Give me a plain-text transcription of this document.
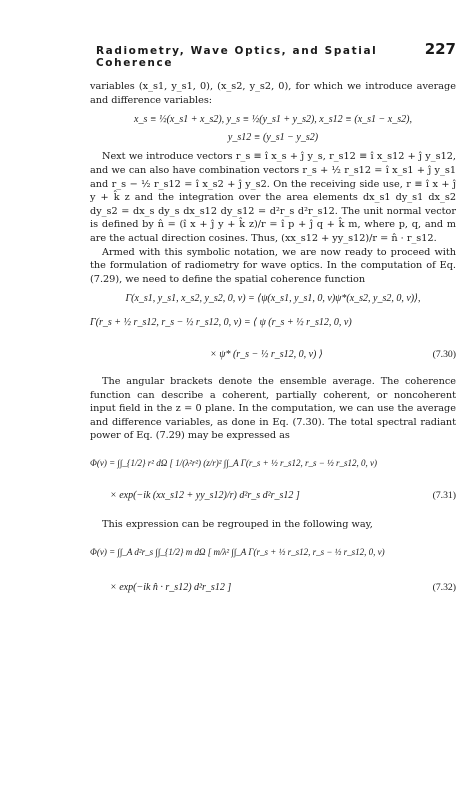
Radiometry, Wave Optics, and Spatial Coherence
227

variables (x_s1, y_s1, 0), (x_s2, y_s2, 0), for which we introduce average and difference variables:

x_s ≡ ½(x_s1 + x_s2), y_s ≡ ½(y_s1 + y_s2), x_s12 ≡ (x_s1 − x_s2),
y_s12 ≡ (y_s1 − y_s2)

Next we introduce vectors r_s ≡ î x_s + ĵ y_s, r_s12 ≡ î x_s12 + ĵ y_s12, and we can also have combination vectors r_s + ½ r_s12 = î x_s1 + ĵ y_s1 and r_s − ½ r_s12 = î x_s2 + ĵ y_s2. On the receiving side use, r ≡ î x + ĵ y + k̂ z and the integration over the area elements dx_s1 dy_s1 dx_s2 dy_s2 = dx_s dy_s dx_s12 dy_s12 = d²r_s d²r_s12. The unit normal vector is defined by n̂ = (î x + ĵ y + k̂ z)/r = î p + ĵ q + k̂ m, where p, q, and m are the actual direction cosines. Thus, (xx_s12 + yy_s12)/r = n̂ · r_s12.

Armed with this symbolic notation, we are now ready to proceed with the formulation of radiometry for wave optics. In the computation of Eq. (7.29), we need to define the spatial coherence function

Γ(x_s1, y_s1, x_s2, y_s2, 0, ν) = ⟨ψ(x_s1, y_s1, 0, ν)ψ*(x_s2, y_s2, 0, ν)⟩,
Γ(r_s + ½ r_s12, r_s − ½ r_s12, 0, ν) = ⟨ ψ (r_s + ½ r_s12, 0, ν)
× ψ* (r_s − ½ r_s12, 0, ν) ⟩	(7.30)

The angular brackets denote the ensemble average. The coherence function can describe a coherent, partially coherent, or noncoherent input field in the z = 0 plane. In the computation, we can use the average and difference variables, as done in Eq. (7.30). The total spectral radiant power of Eq. (7.29) may be expressed as

Φ(ν) = ∫∫_{1/2} r² dΩ [ 1/(λ²r²) (z/r)² ∫∫_A Γ(r_s + ½ r_s12, r_s − ½ r_s12, 0, ν)
× exp(−ik (xx_s12 + yy_s12)/r) d²r_s d²r_s12 ]	(7.31)

This expression can be regrouped in the following way,

Φ(ν) = ∫∫_A d²r_s ∫∫_{1/2} m dΩ [ m/λ² ∫∫_A Γ(r_s + ½ r_s12, r_s − ½ r_s12, 0, ν)
× exp(−ik n̂ · r_s12) d²r_s12 ]	(7.32)
